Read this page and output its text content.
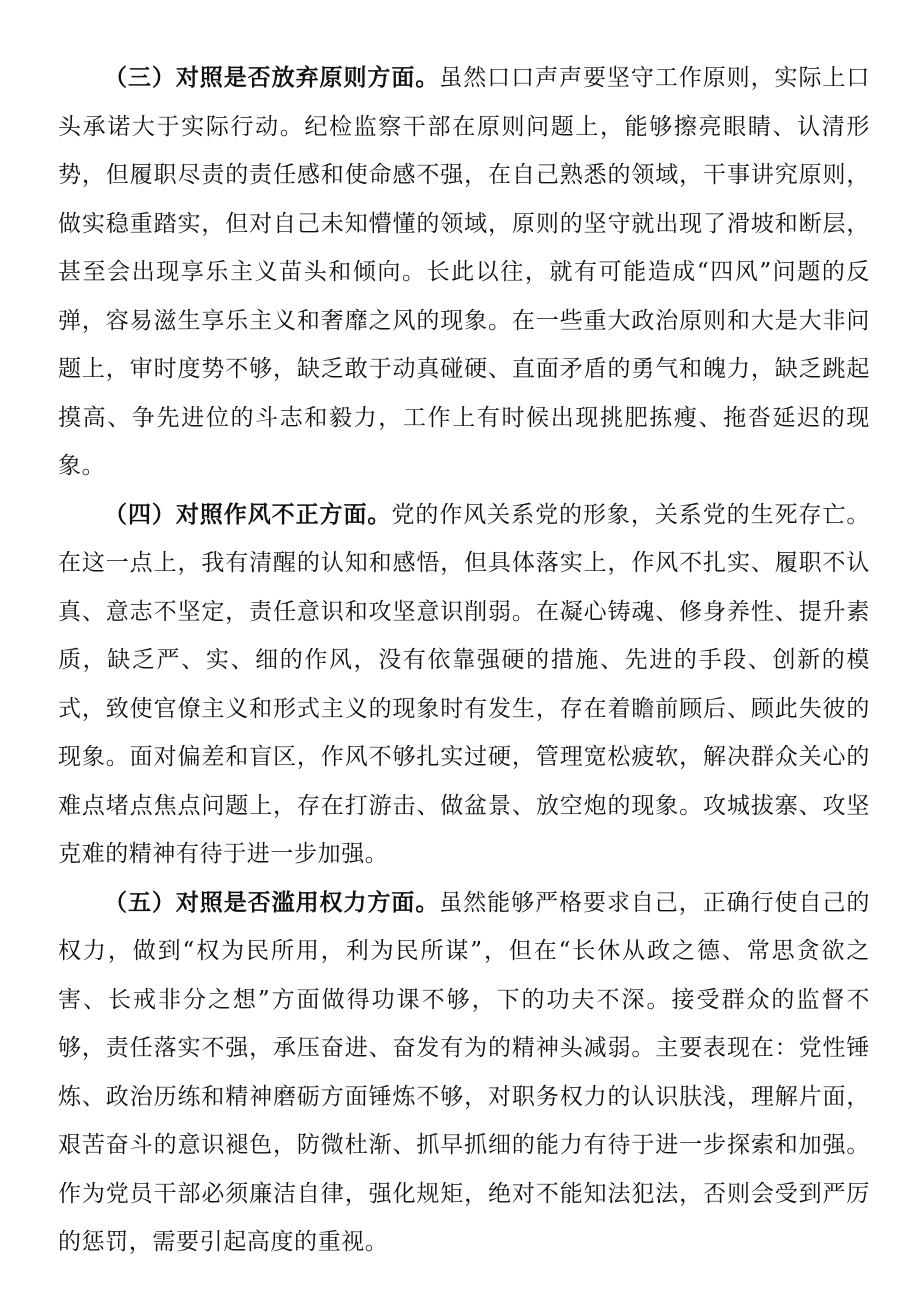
（三）对照是否放弃原则方面。虽然口口声声要坚守工作原则，实际上口头承诺大于实际行动。纪检监察干部在原则问题上，能够擦亮眼睛、认清形势，但履职尽责的责任感和使命感不强，在自己熟悉的领域，干事讲究原则，做实稳重踏实，但对自己未知懵懂的领域，原则的坚守就出现了滑坡和断层，甚至会出现享乐主义苗头和倾向。长此以往，就有可能造成“四风”问题的反弹，容易滋生享乐主义和奢靡之风的现象。在一些重大政治原则和大是大非问题上，审时度势不够，缺乏敢于动真碰硬、直面矛盾的勇气和魄力，缺乏跳起摸高、争先进位的斗志和毅力，工作上有时候出现挑肥拣瘦、拖沓延迟的现象。

（四）对照作风不正方面。党的作风关系党的形象，关系党的生死存亡。在这一点上，我有清醒的认知和感悟，但具体落实上，作风不扎实、履职不认真、意志不坚定，责任意识和攻坚意识削弱。在凝心铸魂、修身养性、提升素质，缺乏严、实、细的作风，没有依靠强硬的措施、先进的手段、创新的模式，致使官僚主义和形式主义的现象时有发生，存在着瞻前顾后、顾此失彼的现象。面对偏差和盲区，作风不够扎实过硬，管理宽松疲软，解决群众关心的难点堵点焦点问题上，存在打游击、做盆景、放空炮的现象。攻城拔寨、攻坚克难的精神有待于进一步加强。

（五）对照是否滥用权力方面。虽然能够严格要求自己，正确行使自己的权力，做到“权为民所用，利为民所谋”，但在“长休从政之德、常思贪欲之害、长戒非分之想”方面做得功课不够，下的功夫不深。接受群众的监督不够，责任落实不强，承压奋进、奋发有为的精神头减弱。主要表现在：党性锤炼、政治历练和精神磨砺方面锤炼不够，对职务权力的认识肤浅，理解片面，艰苦奋斗的意识褪色，防微杜渐、抓早抓细的能力有待于进一步探索和加强。作为党员干部必须廉洁自律，强化规矩，绝对不能知法犯法，否则会受到严厉的惩罚，需要引起高度的重视。
